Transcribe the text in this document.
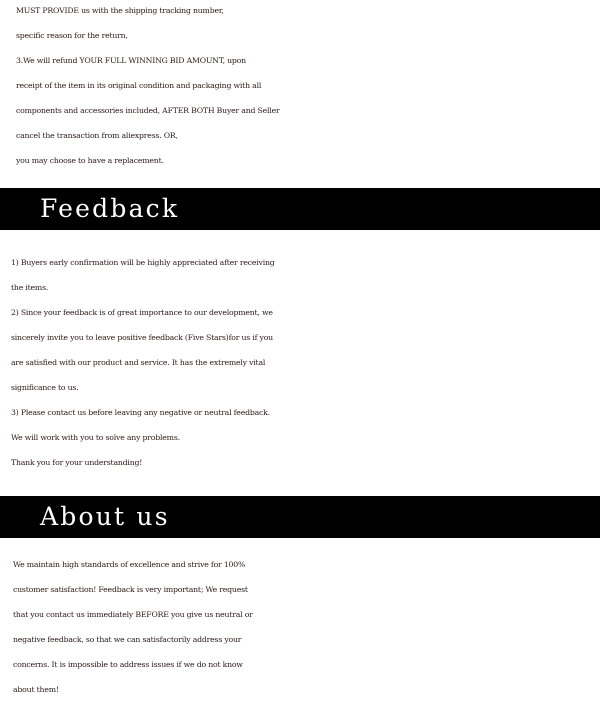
MUST PROVIDE us with the shipping tracking number,
specific reason for the return,
3.We will refund YOUR FULL WINNING BID AMOUNT, upon
receipt of the item in its original condition and packaging with all
components and accessories included, AFTER BOTH Buyer and Seller
cancel the transaction from aliexpress. OR,
you may choose to have a replacement.
Feedback
1) Buyers early confirmation will be highly appreciated after receiving
the items.
2) Since your feedback is of great importance to our development, we
sincerely invite you to leave positive feedback (Five Stars)for us if you
are satisfied with our product and service. It has the extremely vital
significance to us.
3) Please contact us before leaving any negative or neutral feedback.
We will work with you to solve any problems.
Thank you for your understanding!
About us
We maintain high standards of excellence and strive for 100%
customer satisfaction! Feedback is very important; We request
that you contact us immediately BEFORE you give us neutral or
negative feedback, so that we can satisfactorily address your
concerns. It is impossible to address issues if we do not know
about them!
